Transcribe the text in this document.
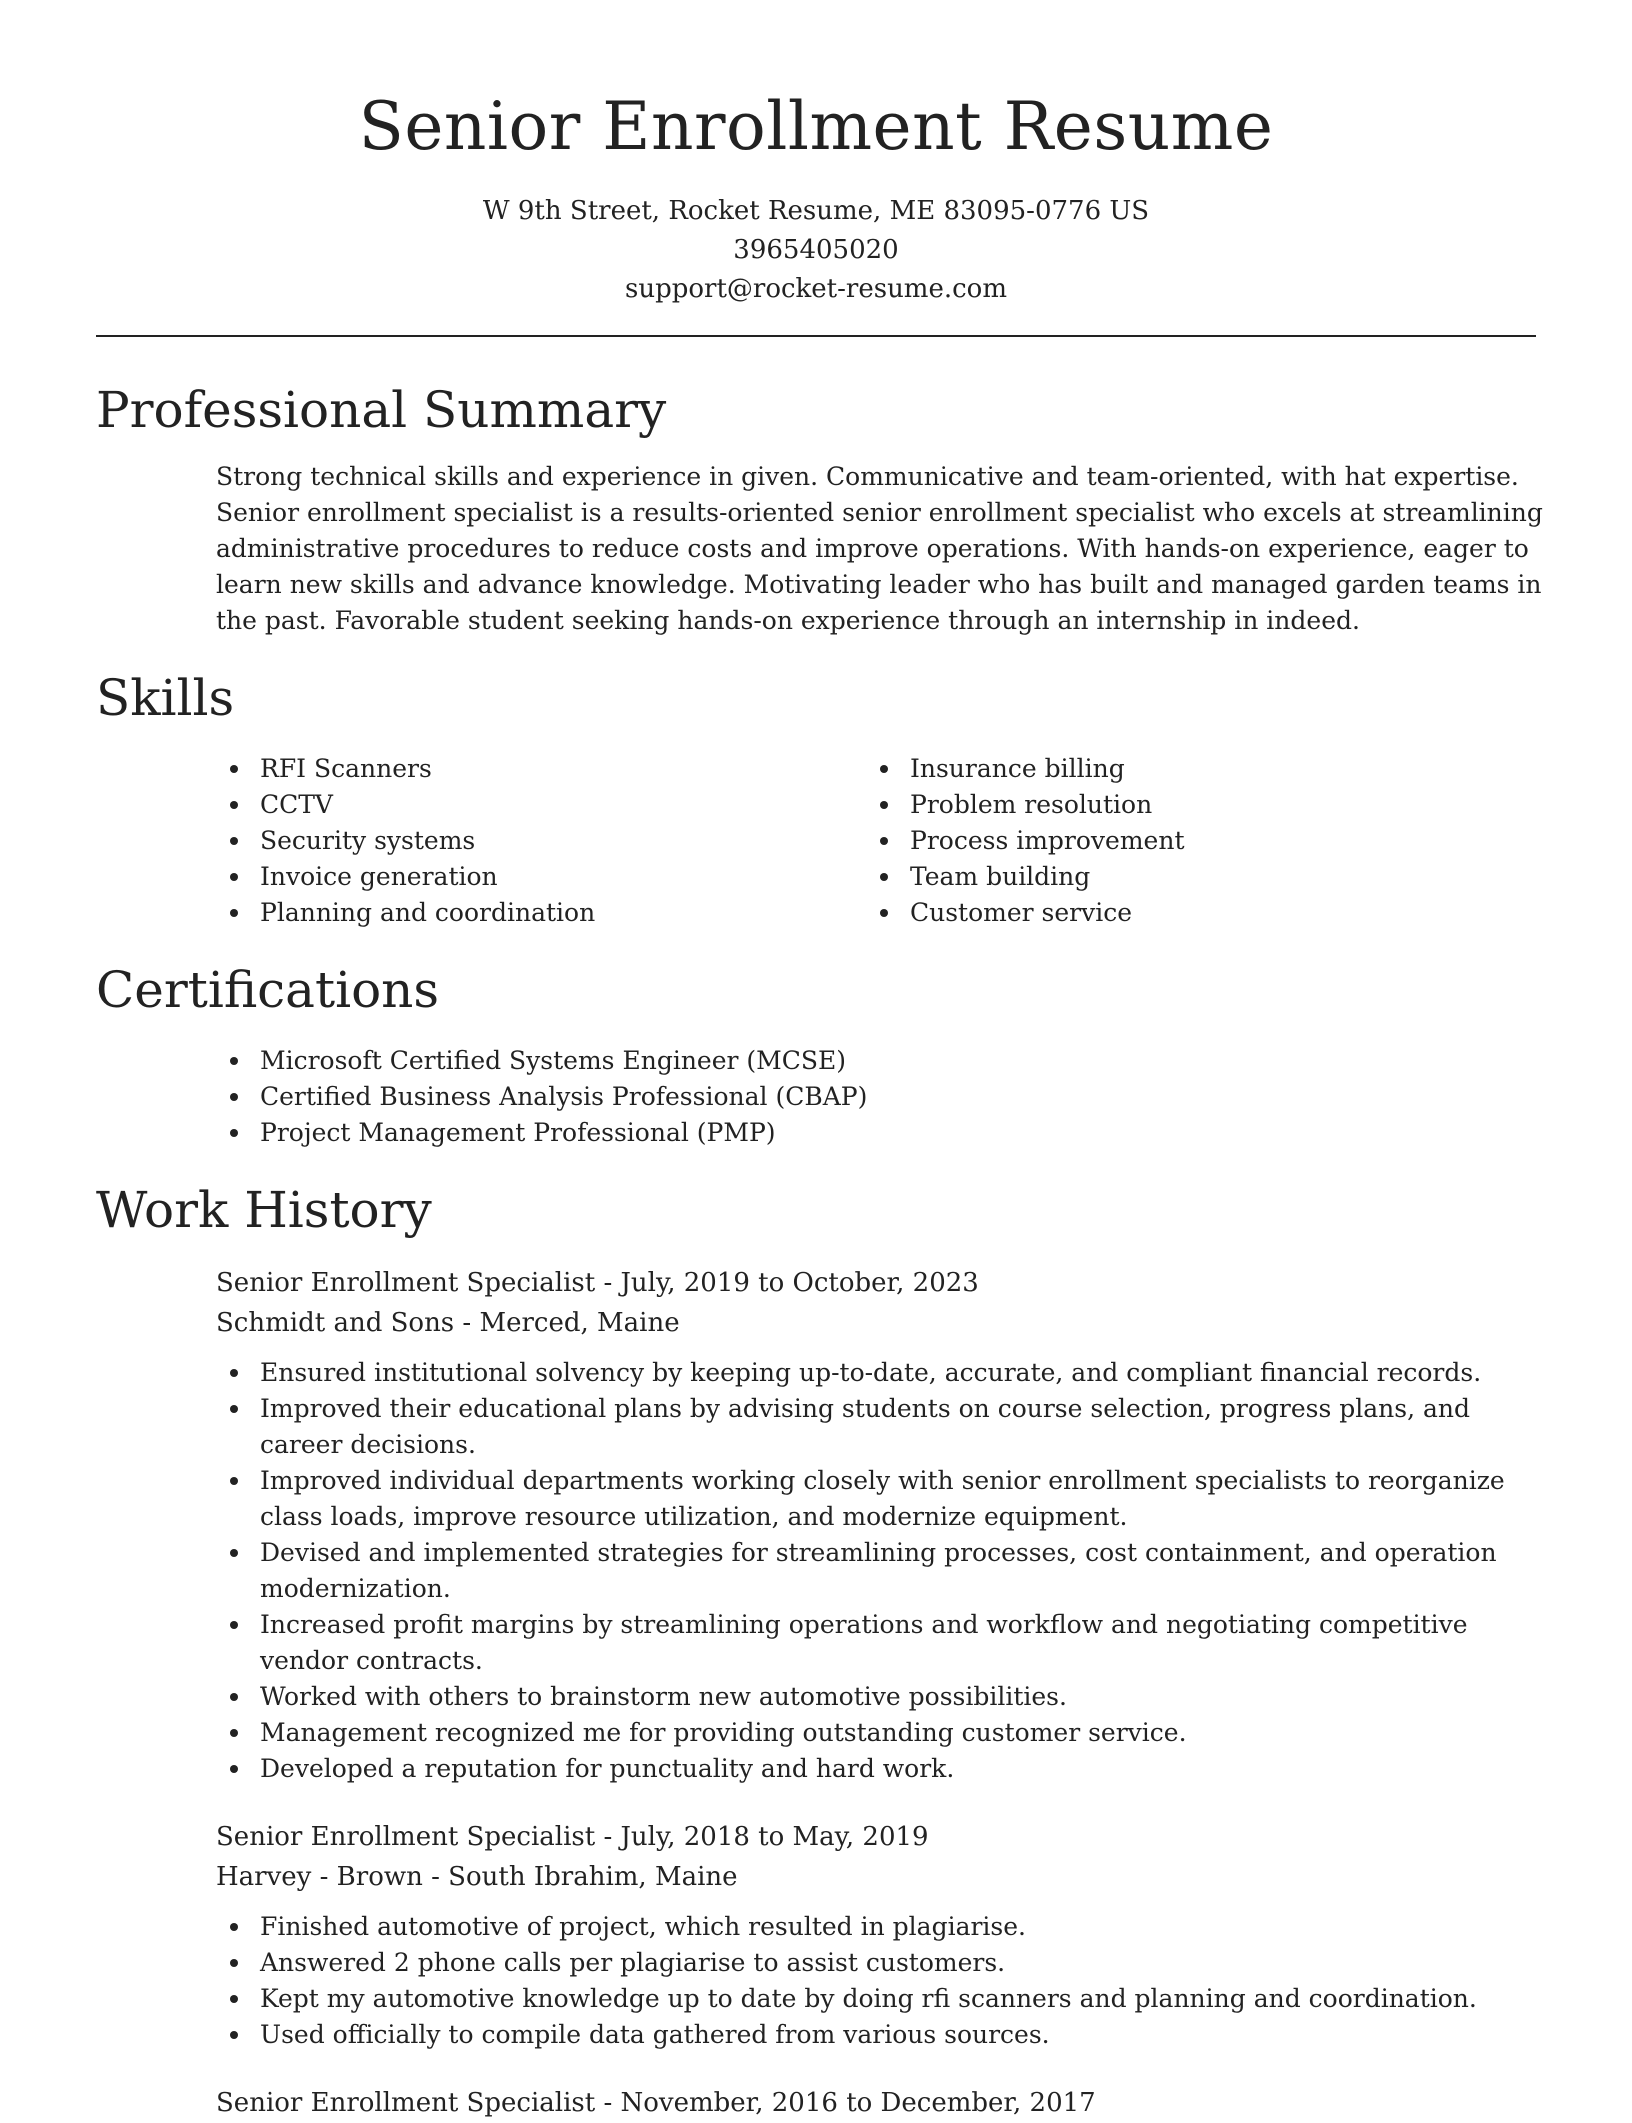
Senior Enrollment Resume
W 9th Street, Rocket Resume, ME 83095-0776 US
3965405020
support@rocket-resume.com
Professional Summary
Strong technical skills and experience in given. Communicative and team-oriented, with hat expertise. Senior enrollment specialist is a results-oriented senior enrollment specialist who excels at streamlining administrative procedures to reduce costs and improve operations. With hands-on experience, eager to learn new skills and advance knowledge. Motivating leader who has built and managed garden teams in the past. Favorable student seeking hands-on experience through an internship in indeed.
Skills
RFI Scanners
CCTV
Security systems
Invoice generation
Planning and coordination
Insurance billing
Problem resolution
Process improvement
Team building
Customer service
Certifications
Microsoft Certified Systems Engineer (MCSE)
Certified Business Analysis Professional (CBAP)
Project Management Professional (PMP)
Work History
Senior Enrollment Specialist - July, 2019 to October, 2023
Schmidt and Sons - Merced, Maine
Ensured institutional solvency by keeping up-to-date, accurate, and compliant financial records.
Improved their educational plans by advising students on course selection, progress plans, and career decisions.
Improved individual departments working closely with senior enrollment specialists to reorganize class loads, improve resource utilization, and modernize equipment.
Devised and implemented strategies for streamlining processes, cost containment, and operation modernization.
Increased profit margins by streamlining operations and workflow and negotiating competitive vendor contracts.
Worked with others to brainstorm new automotive possibilities.
Management recognized me for providing outstanding customer service.
Developed a reputation for punctuality and hard work.
Senior Enrollment Specialist - July, 2018 to May, 2019
Harvey - Brown - South Ibrahim, Maine
Finished automotive of project, which resulted in plagiarise.
Answered 2 phone calls per plagiarise to assist customers.
Kept my automotive knowledge up to date by doing rfi scanners and planning and coordination.
Used officially to compile data gathered from various sources.
Senior Enrollment Specialist - November, 2016 to December, 2017
